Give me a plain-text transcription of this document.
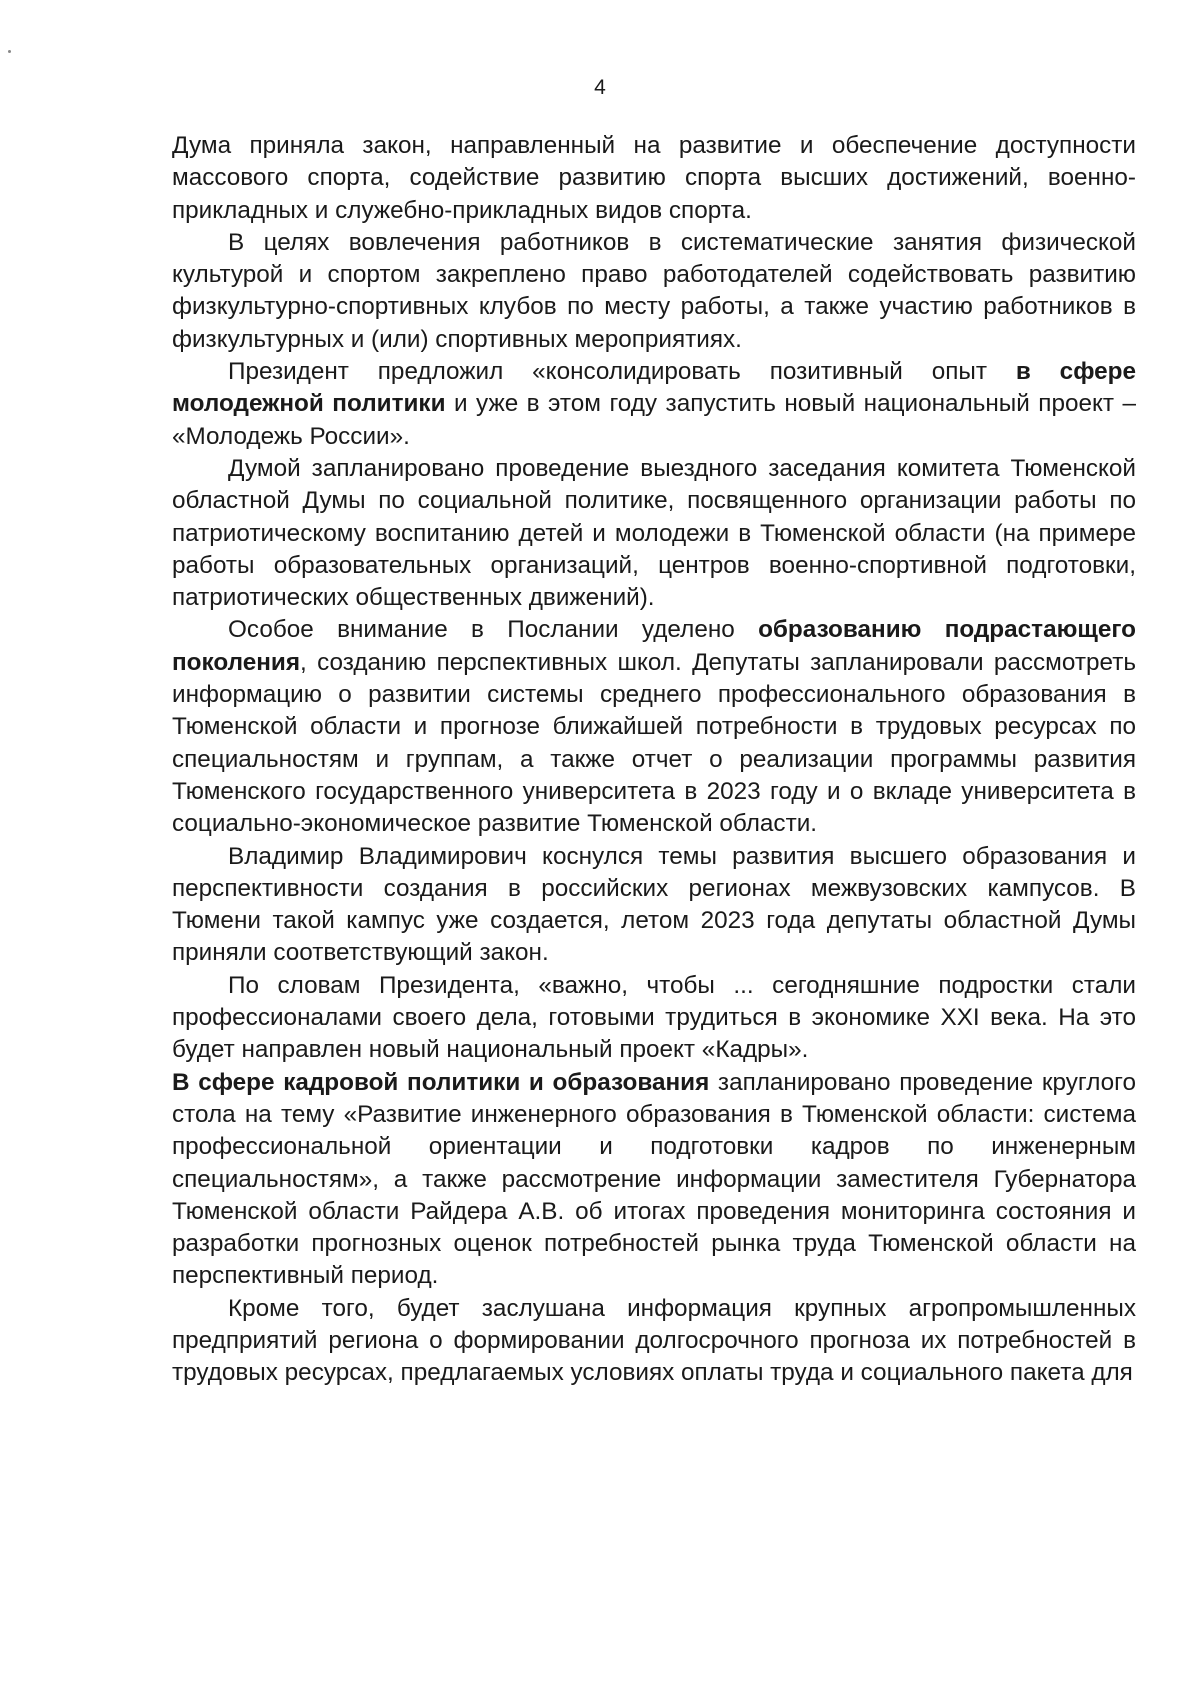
4

Дума приняла закон, направленный на развитие и обеспечение доступности массового спорта, содействие развитию спорта высших достижений, военно-прикладных и служебно-прикладных видов спорта.

В целях вовлечения работников в систематические занятия физической культурой и спортом закреплено право работодателей содействовать развитию физкультурно-спортивных клубов по месту работы, а также участию работников в физкультурных и (или) спортивных мероприятиях.

Президент предложил «консолидировать позитивный опыт в сфере молодежной политики и уже в этом году запустить новый национальный проект – «Молодежь России».

Думой запланировано проведение выездного заседания комитета Тюменской областной Думы по социальной политике, посвященного организации работы по патриотическому воспитанию детей и молодежи в Тюменской области (на примере работы образовательных организаций, центров военно-спортивной подготовки, патриотических общественных движений).

Особое внимание в Послании уделено образованию подрастающего поколения, созданию перспективных школ. Депутаты запланировали рассмотреть информацию о развитии системы среднего профессионального образования в Тюменской области и прогнозе ближайшей потребности в трудовых ресурсах по специальностям и группам, а также отчет о реализации программы развития Тюменского государственного университета в 2023 году и о вкладе университета в социально-экономическое развитие Тюменской области.

Владимир Владимирович коснулся темы развития высшего образования и перспективности создания в российских регионах межвузовских кампусов. В Тюмени такой кампус уже создается, летом 2023 года депутаты областной Думы приняли соответствующий закон.

По словам Президента, «важно, чтобы ... сегодняшние подростки стали профессионалами своего дела, готовыми трудиться в экономике XXI века. На это будет направлен новый национальный проект «Кадры».

В сфере кадровой политики и образования запланировано проведение круглого стола на тему «Развитие инженерного образования в Тюменской области: система профессиональной ориентации и подготовки кадров по инженерным специальностям», а также рассмотрение информации заместителя Губернатора Тюменской области Райдера А.В. об итогах проведения мониторинга состояния и разработки прогнозных оценок потребностей рынка труда Тюменской области на перспективный период.

Кроме того, будет заслушана информация крупных агропромышленных предприятий региона о формировании долгосрочного прогноза их потребностей в трудовых ресурсах, предлагаемых условиях оплаты труда и социального пакета для
